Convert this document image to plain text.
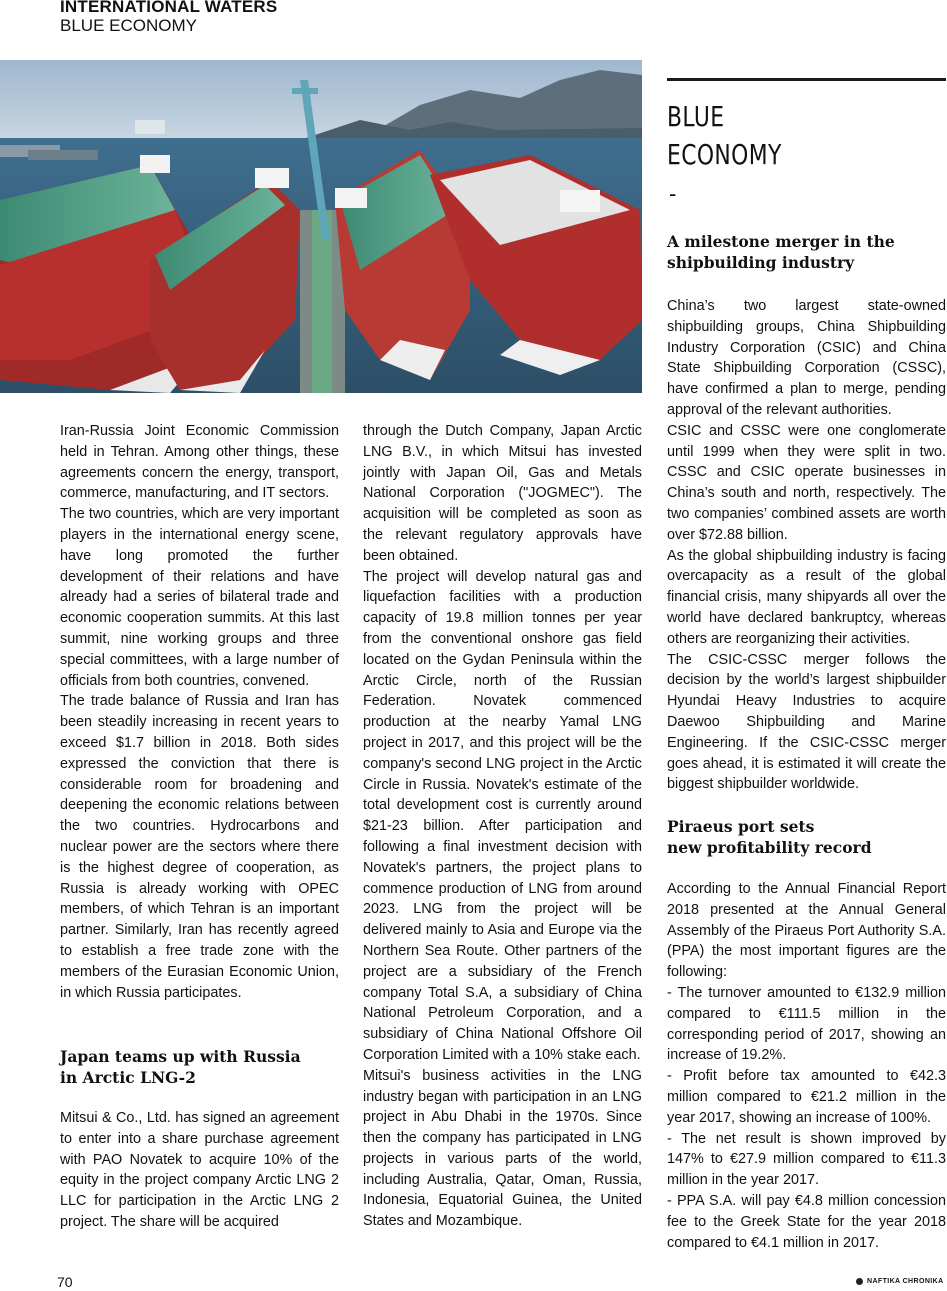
INTERNATIONAL WATERS
BLUE ECONOMY

Iran-Russia Joint Economic Commission held in Tehran. Among other things, these agreements concern the energy, transport, commerce, manufacturing, and IT sectors.

The two countries, which are very important players in the international energy scene, have long promoted the further development of their relations and have already had a series of bilateral trade and economic cooperation summits. At this last summit, nine working groups and three special committees, with a large number of officials from both countries, convened.

The trade balance of Russia and Iran has been steadily increasing in recent years to exceed $1.7 billion in 2018. Both sides expressed the conviction that there is considerable room for broadening and deepening the economic relations between the two countries. Hydrocarbons and nuclear power are the sectors where there is the highest degree of cooperation, as Russia is already working with OPEC members, of which Tehran is an important partner. Similarly, Iran has recently agreed to establish a free trade zone with the members of the Eurasian Economic Union, in which Russia participates.

Japan teams up with Russia

in Arctic LNG-2

Mitsui & Co., Ltd. has signed an agreement to enter into a share purchase agreement with PAO Novatek to acquire 10% of the equity in the project company Arctic LNG 2 LLC for participation in the Arctic LNG 2 project. The share will be acquired

through the Dutch Company, Japan Arctic LNG B.V., in which Mitsui has invested jointly with Japan Oil, Gas and Metals National Corporation ("JOGMEC"). The acquisition will be completed as soon as the relevant regulatory approvals have been obtained.

The project will develop natural gas and liquefaction facilities with a production capacity of 19.8 million tonnes per year from the conventional onshore gas field located on the Gydan Peninsula within the Arctic Circle, north of the Russian Federation. Novatek commenced production at the nearby Yamal LNG project in 2017, and this project will be the company's second LNG project in the Arctic Circle in Russia. Novatek's estimate of the total development cost is currently around $21-23 billion. After participation and following a final investment decision with Novatek's partners, the project plans to commence production of LNG from around 2023. LNG from the project will be delivered mainly to Asia and Europe via the Northern Sea Route. Other partners of the project are a subsidiary of the French company Total S.A, a subsidiary of China National Petroleum Corporation, and a subsidiary of China National Offshore Oil Corporation Limited with a 10% stake each.

Mitsui's business activities in the LNG industry began with participation in an LNG project in Abu Dhabi in the 1970s. Since then the company has participated in LNG projects in various parts of the world, including Australia, Qatar, Oman, Russia, Indonesia, Equatorial Guinea, the United States and Mozambique.

BLUE
ECONOMY
-

A milestone merger in the

shipbuilding industry

China’s two largest state-owned shipbuilding groups, China Shipbuilding Industry Corporation (CSIC) and China State Shipbuilding Corporation (CSSC), have confirmed a plan to merge, pending approval of the relevant authorities.

CSIC and CSSC were one conglomerate until 1999 when they were split in two. CSSC and CSIC operate businesses in China’s south and north, respectively. The two companies’ combined assets are worth over $72.88 billion.

As the global shipbuilding industry is facing overcapacity as a result of the global financial crisis, many shipyards all over the world have declared bankruptcy, whereas others are reorganizing their activities.

The CSIC-CSSC merger follows the decision by the world’s largest shipbuilder Hyundai Heavy Industries to acquire Daewoo Shipbuilding and Marine Engineering. If the CSIC-CSSC merger goes ahead, it is estimated it will create the biggest shipbuilder worldwide.

Piraeus port sets

new profitability record

According to the Annual Financial Report 2018 presented at the Annual General Assembly of the Piraeus Port Authority S.A. (PPA) the most important figures are the following:

- The turnover amounted to €132.9 million compared to €111.5 million in the corresponding period of 2017, showing an increase of 19.2%.

- Profit before tax amounted to €42.3 million compared to €21.2 million in the year 2017, showing an increase of 100%.

- The net result is shown improved by 147% to €27.9 million compared to €11.3 million in the year 2017.

- PPA S.A. will pay €4.8 million concession fee to the Greek State for the year 2018 compared to €4.1 million in 2017.

70	NAFTIKA CHRONIKA
